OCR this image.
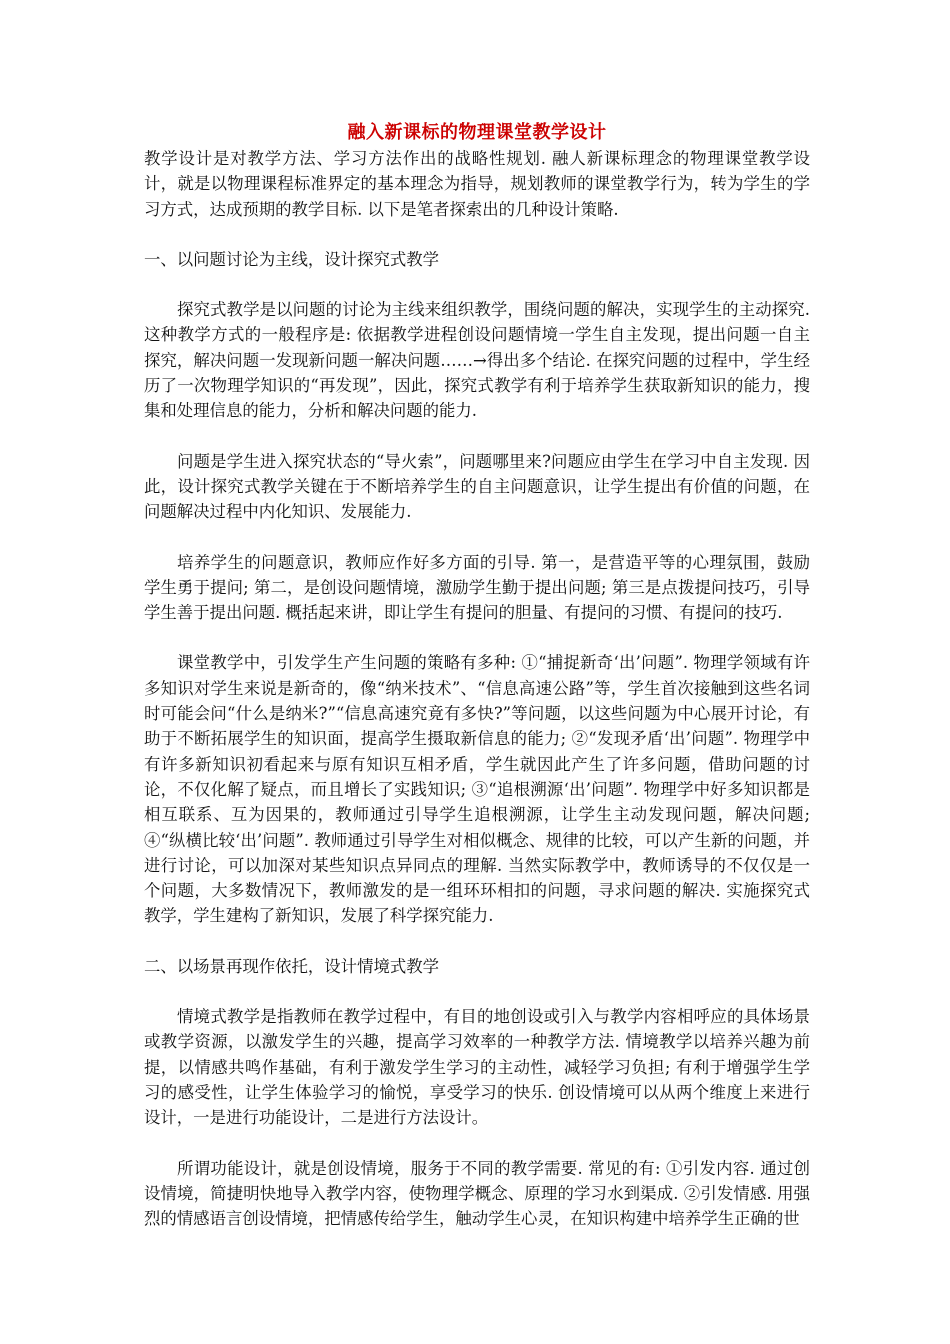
融入新课标的物理课堂教学设计

教学设计是对教学方法、学习方法作出的战略性规划. 融人新课标理念的物理课堂教学设计，就是以物理课程标准界定的基本理念为指导，规划教师的课堂教学行为，转为学生的学习方式，达成预期的教学目标. 以下是笔者探索出的几种设计策略.

一、以问题讨论为主线，设计探究式教学

探究式教学是以问题的讨论为主线来组织教学，围绕问题的解决，实现学生的主动探究. 这种教学方式的一般程序是: 依据教学进程创设问题情境一学生自主发现，提出问题一自主探究，解决问题一发现新问题一解决问题……→得出多个结论. 在探究问题的过程中，学生经历了一次物理学知识的“再发现”，因此，探究式教学有利于培养学生获取新知识的能力，搜集和处理信息的能力，分析和解决问题的能力.

问题是学生进入探究状态的“导火索”，问题哪里来?问题应由学生在学习中自主发现. 因此，设计探究式教学关键在于不断培养学生的自主问题意识，让学生提出有价值的问题，在问题解决过程中内化知识、发展能力.

培养学生的问题意识，教师应作好多方面的引导. 第一，是营造平等的心理氛围，鼓励学生勇于提问; 第二，是创设问题情境，激励学生勤于提出问题; 第三是点拨提问技巧，引导学生善于提出问题. 概括起来讲，即让学生有提问的胆量、有提问的习惯、有提问的技巧.

课堂教学中，引发学生产生问题的策略有多种: ①“捕捉新奇‘出’问题”. 物理学领域有许多知识对学生来说是新奇的，像“纳米技术”、“信息高速公路”等，学生首次接触到这些名词时可能会问“什么是纳米?”“信息高速究竟有多快?”等问题，以这些问题为中心展开讨论，有助于不断拓展学生的知识面，提高学生摄取新信息的能力; ②“发现矛盾‘出’问题”. 物理学中有许多新知识初看起来与原有知识互相矛盾，学生就因此产生了许多问题，借助问题的讨论，不仅化解了疑点，而且增长了实践知识; ③“追根溯源‘出’问题”. 物理学中好多知识都是相互联系、互为因果的，教师通过引导学生追根溯源，让学生主动发现问题，解决问题; ④“纵横比较‘出’问题”. 教师通过引导学生对相似概念、规律的比较，可以产生新的问题，并进行讨论，可以加深对某些知识点异同点的理解. 当然实际教学中，教师诱导的不仅仅是一个问题，大多数情况下，教师激发的是一组环环相扣的问题，寻求问题的解决. 实施探究式教学，学生建构了新知识，发展了科学探究能力.

二、以场景再现作依托，设计情境式教学

情境式教学是指教师在教学过程中，有目的地创设或引入与教学内容相呼应的具体场景或教学资源，以激发学生的兴趣，提高学习效率的一种教学方法. 情境教学以培养兴趣为前提，以情感共鸣作基础，有利于激发学生学习的主动性，减轻学习负担; 有利于增强学生学习的感受性，让学生体验学习的愉悦，享受学习的快乐. 创设情境可以从两个维度上来进行设计，一是进行功能设计，二是进行方法设计。

所谓功能设计，就是创设情境，服务于不同的教学需要. 常见的有: ①引发内容. 通过创设情境，简捷明快地导入教学内容，使物理学概念、原理的学习水到渠成. ②引发情感. 用强烈的情感语言创设情境，把情感传给学生，触动学生心灵，在知识构建中培养学生正确的世
